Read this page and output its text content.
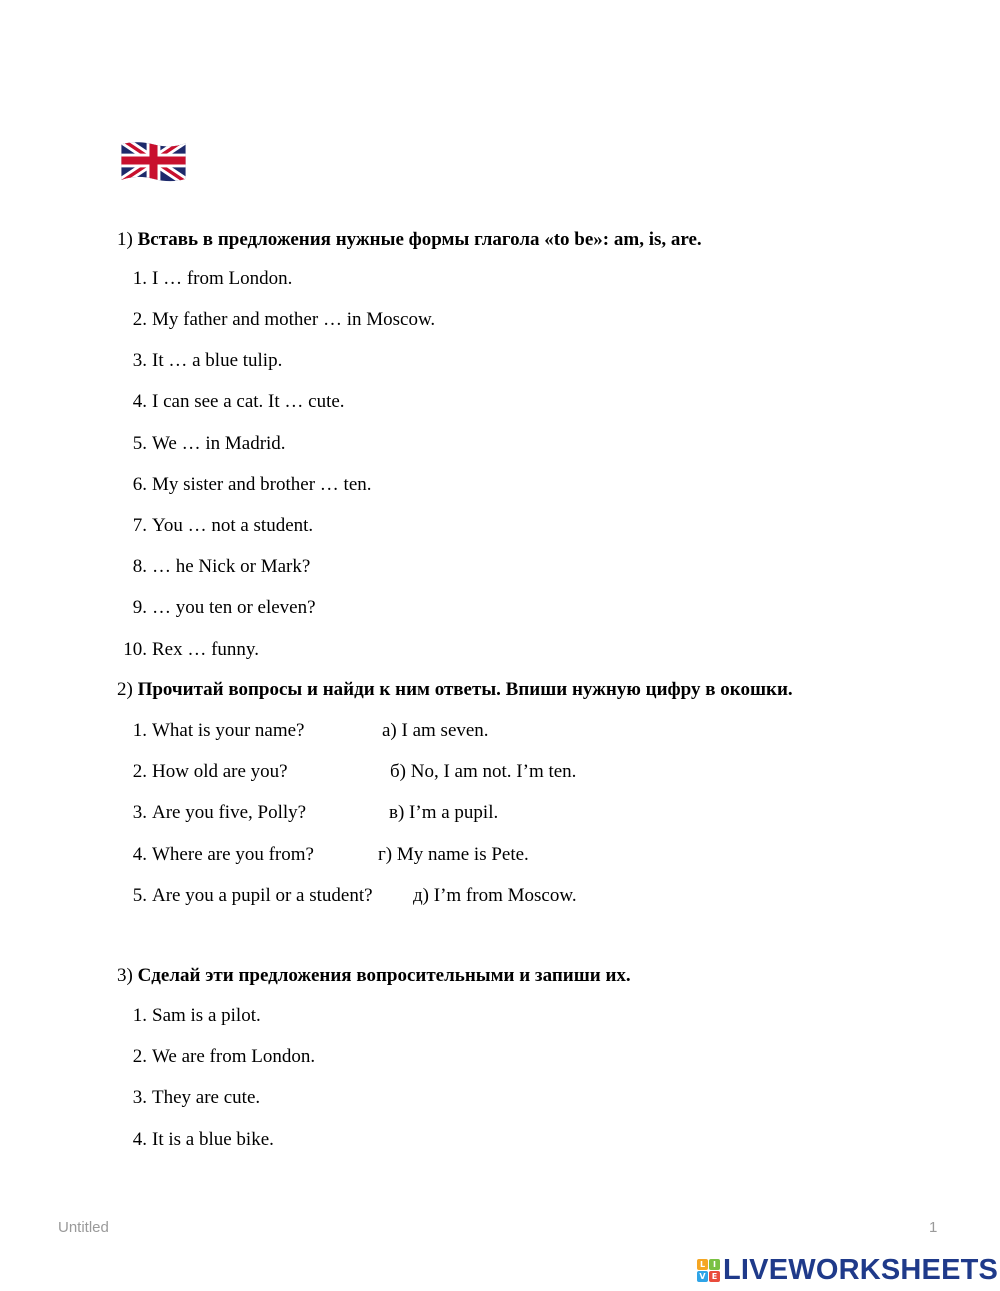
1) Вставь в предложения нужные формы глагола «to be»: am, is, are.
1. I … from London.
2. My father and mother … in Moscow.
3. It … a blue tulip.
4. I can see a cat. It … cute.
5. We … in Madrid.
6. My sister and brother … ten.
7. You … not a student.
8. … he Nick or Mark?
9. … you ten or eleven?
10. Rex … funny.
2) Прочитай вопросы и найди к ним ответы. Впиши нужную цифру в окошки.
1. What is your name?	а) I am seven.
2. How old are you?	б) No, I am not. I’m ten.
3. Are you five, Polly?	в) I’m a pupil.
4. Where are you from?	г) My name is Pete.
5. Are you a pupil or a student? д) I’m from Moscow.
3) Сделай эти предложения вопросительными и запиши их.
1. Sam is a pilot.
2. We are from London.
3. They are cute.
4. It is a blue bike.
Untitled	1
L I
V E LIVEWORKSHEETS
